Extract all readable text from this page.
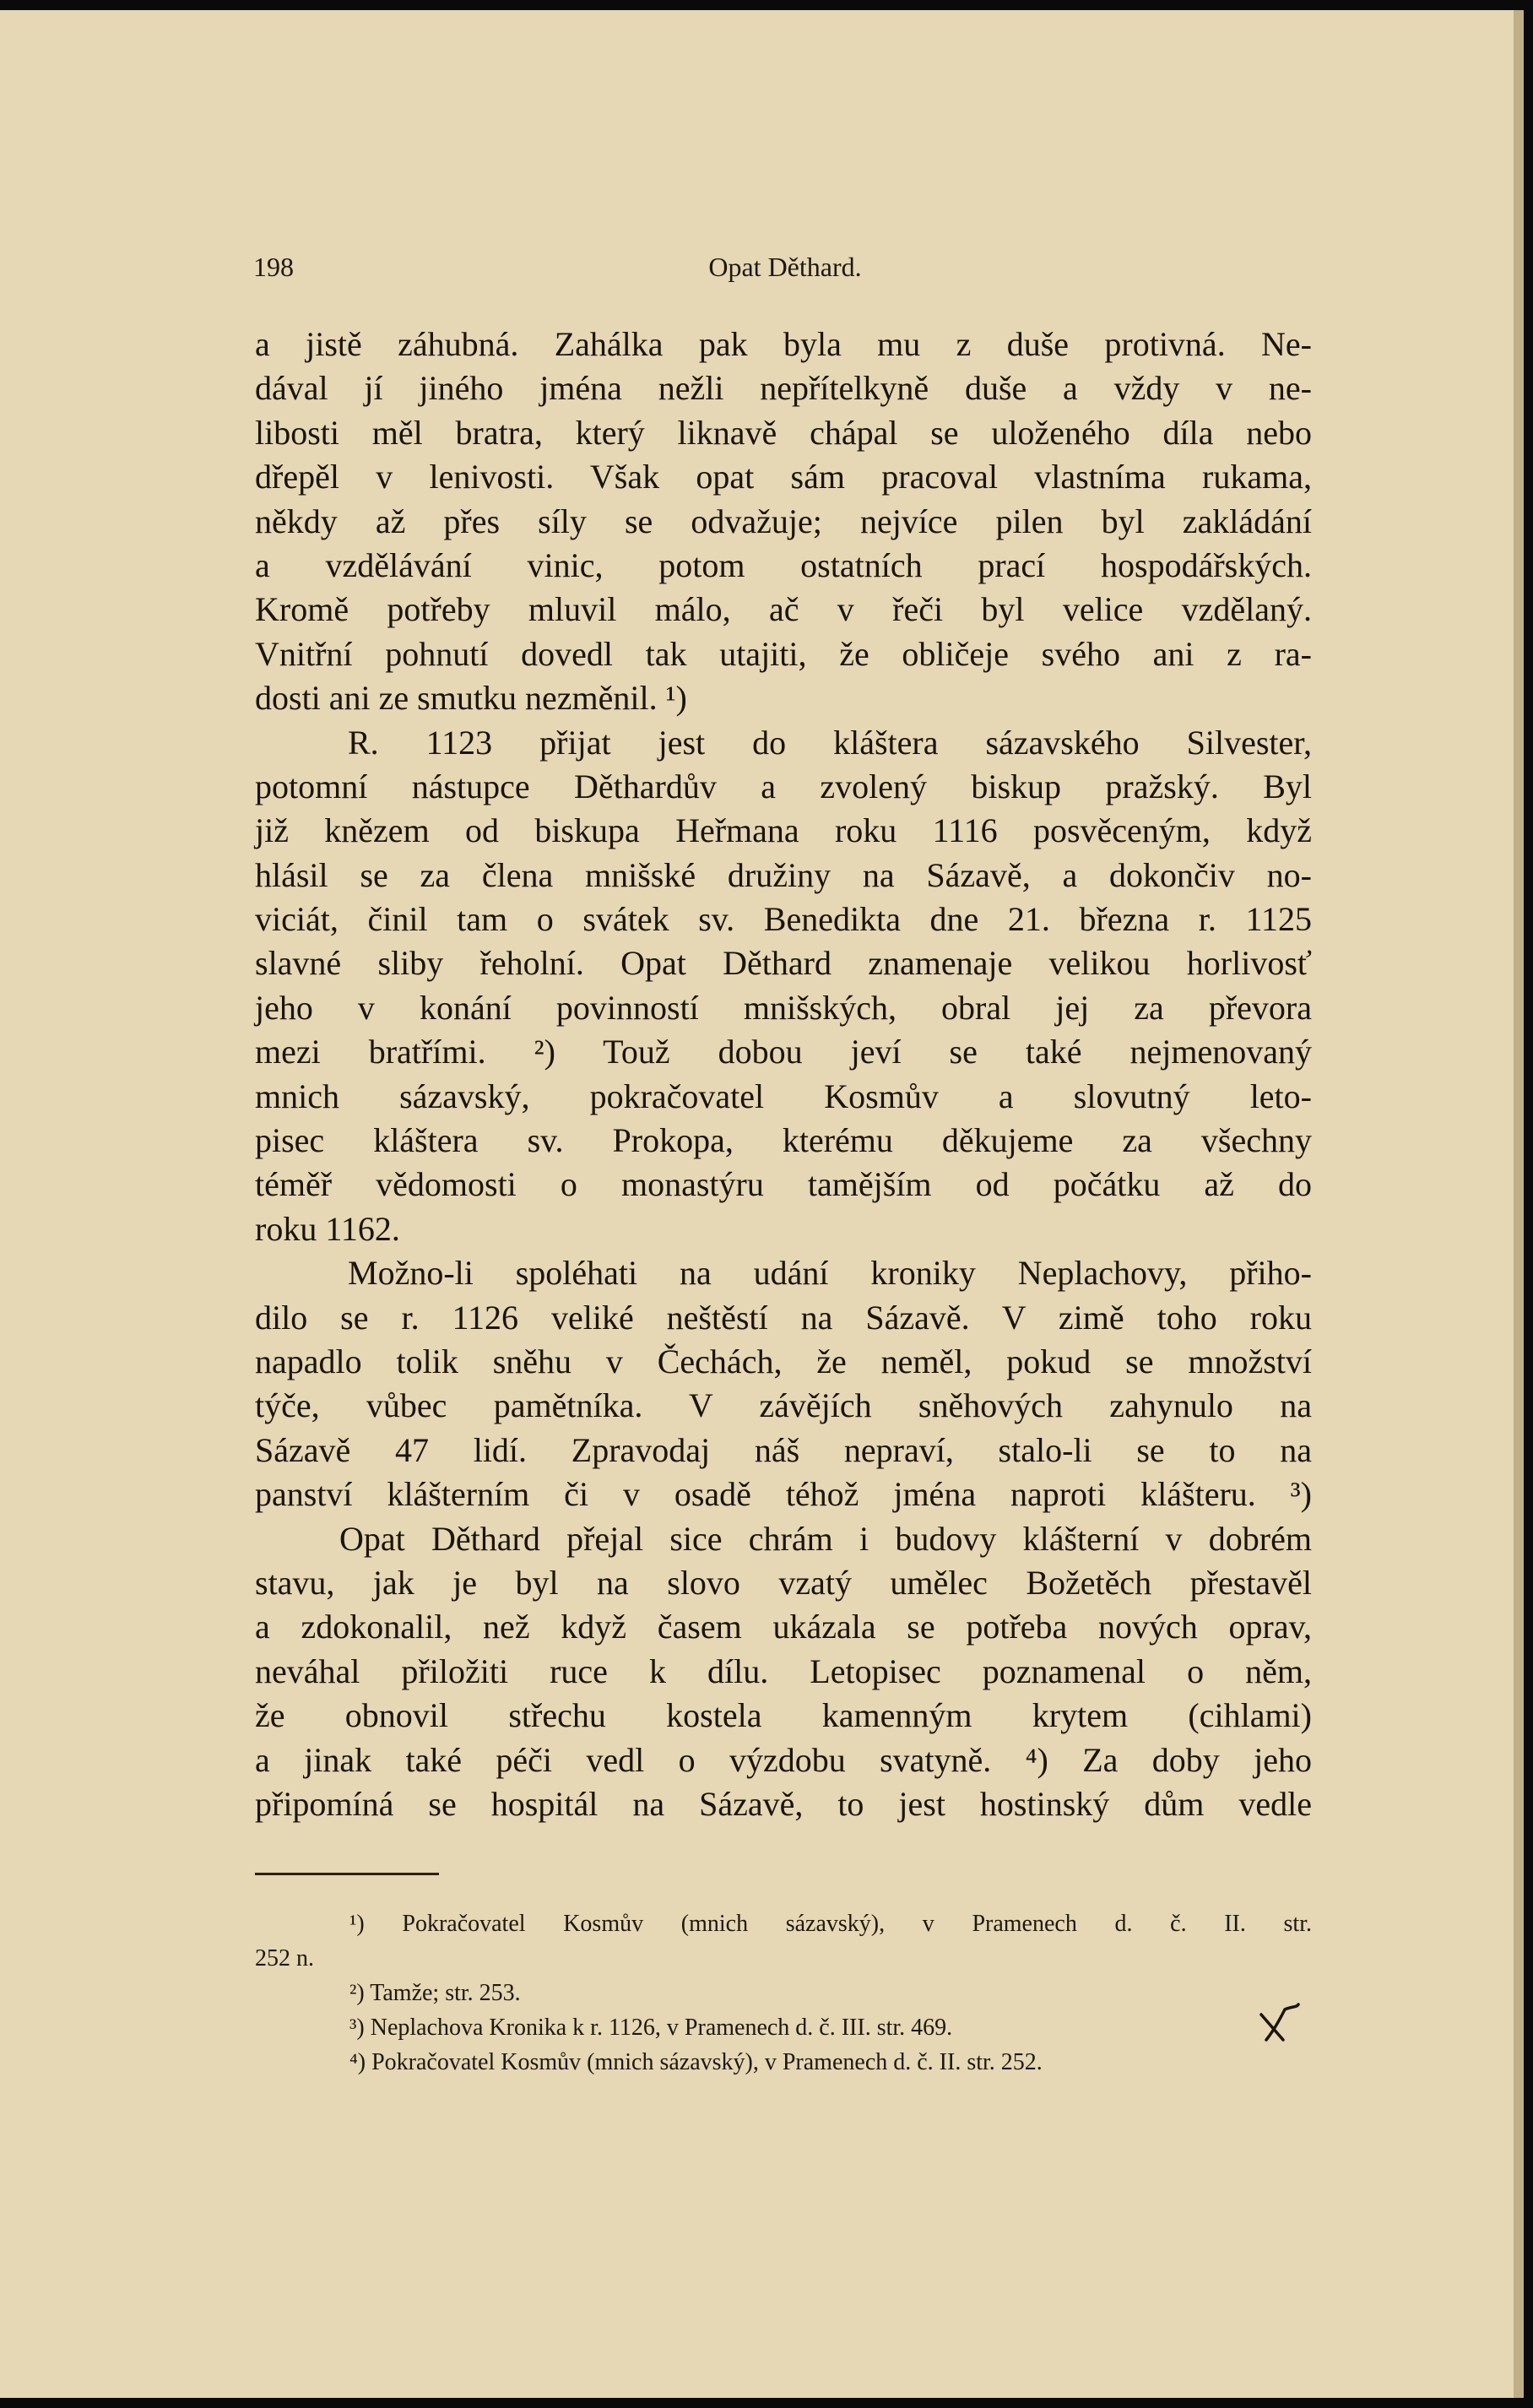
198	Opat Děthard.
a jistě záhubná. Zahálka pak byla mu z duše protivná. Ne-
dával jí jiného jména nežli nepřítelkyně duše a vždy v ne-
libosti měl bratra, který liknavě chápal se uloženého díla nebo
dřepěl v lenivosti. Však opat sám pracoval vlastníma rukama,
někdy až přes síly se odvažuje; nejvíce pilen byl zakládání
a vzdělávání vinic, potom ostatních prací hospodářských.
Kromě potřeby mluvil málo, ač v řeči byl velice vzdělaný.
Vnitřní pohnutí dovedl tak utajiti, že obličeje svého ani z ra-
dosti ani ze smutku nezměnil. ¹)
R. 1123 přijat jest do kláštera sázavského Silvester,
potomní nástupce Děthardův a zvolený biskup pražský. Byl
již knězem od biskupa Heřmana roku 1116 posvěceným, když
hlásil se za člena mnišské družiny na Sázavě, a dokončiv no-
viciát, činil tam o svátek sv. Benedikta dne 21. března r. 1125
slavné sliby řeholní. Opat Děthard znamenaje velikou horlivosť
jeho v konání povinností mnišských, obral jej za převora
mezi bratřími. ²) Touž dobou jeví se také nejmenovaný
mnich sázavský, pokračovatel Kosmův a slovutný leto-
pisec kláštera sv. Prokopa, kterému děkujeme za všechny
téměř vědomosti o monastýru tamějším od počátku až do
roku 1162.
Možno-li spoléhati na udání kroniky Neplachovy, přiho-
dilo se r. 1126 veliké neštěstí na Sázavě. V zimě toho roku
napadlo tolik sněhu v Čechách, že neměl, pokud se množství
týče, vůbec pamětníka. V závějích sněhových zahynulo na
Sázavě 47 lidí. Zpravodaj náš nepraví, stalo-li se to na
panství klášterním či v osadě téhož jména naproti klášteru. ³)
Opat Děthard přejal sice chrám i budovy klášterní v dobrém
stavu, jak je byl na slovo vzatý umělec Božetěch přestavěl
a zdokonalil, než když časem ukázala se potřeba nových oprav,
neváhal přiložiti ruce k dílu. Letopisec poznamenal o něm,
že obnovil střechu kostela kamenným krytem (cihlami)
a jinak také péči vedl o výzdobu svatyně. ⁴) Za doby jeho
připomíná se hospitál na Sázavě, to jest hostinský dům vedle
¹) Pokračovatel Kosmův (mnich sázavský), v Pramenech d. č. II. str.
252 n.
²) Tamže; str. 253.
³) Neplachova Kronika k r. 1126, v Pramenech d. č. III. str. 469.
⁴) Pokračovatel Kosmův (mnich sázavský), v Pramenech d. č. II. str. 252.
